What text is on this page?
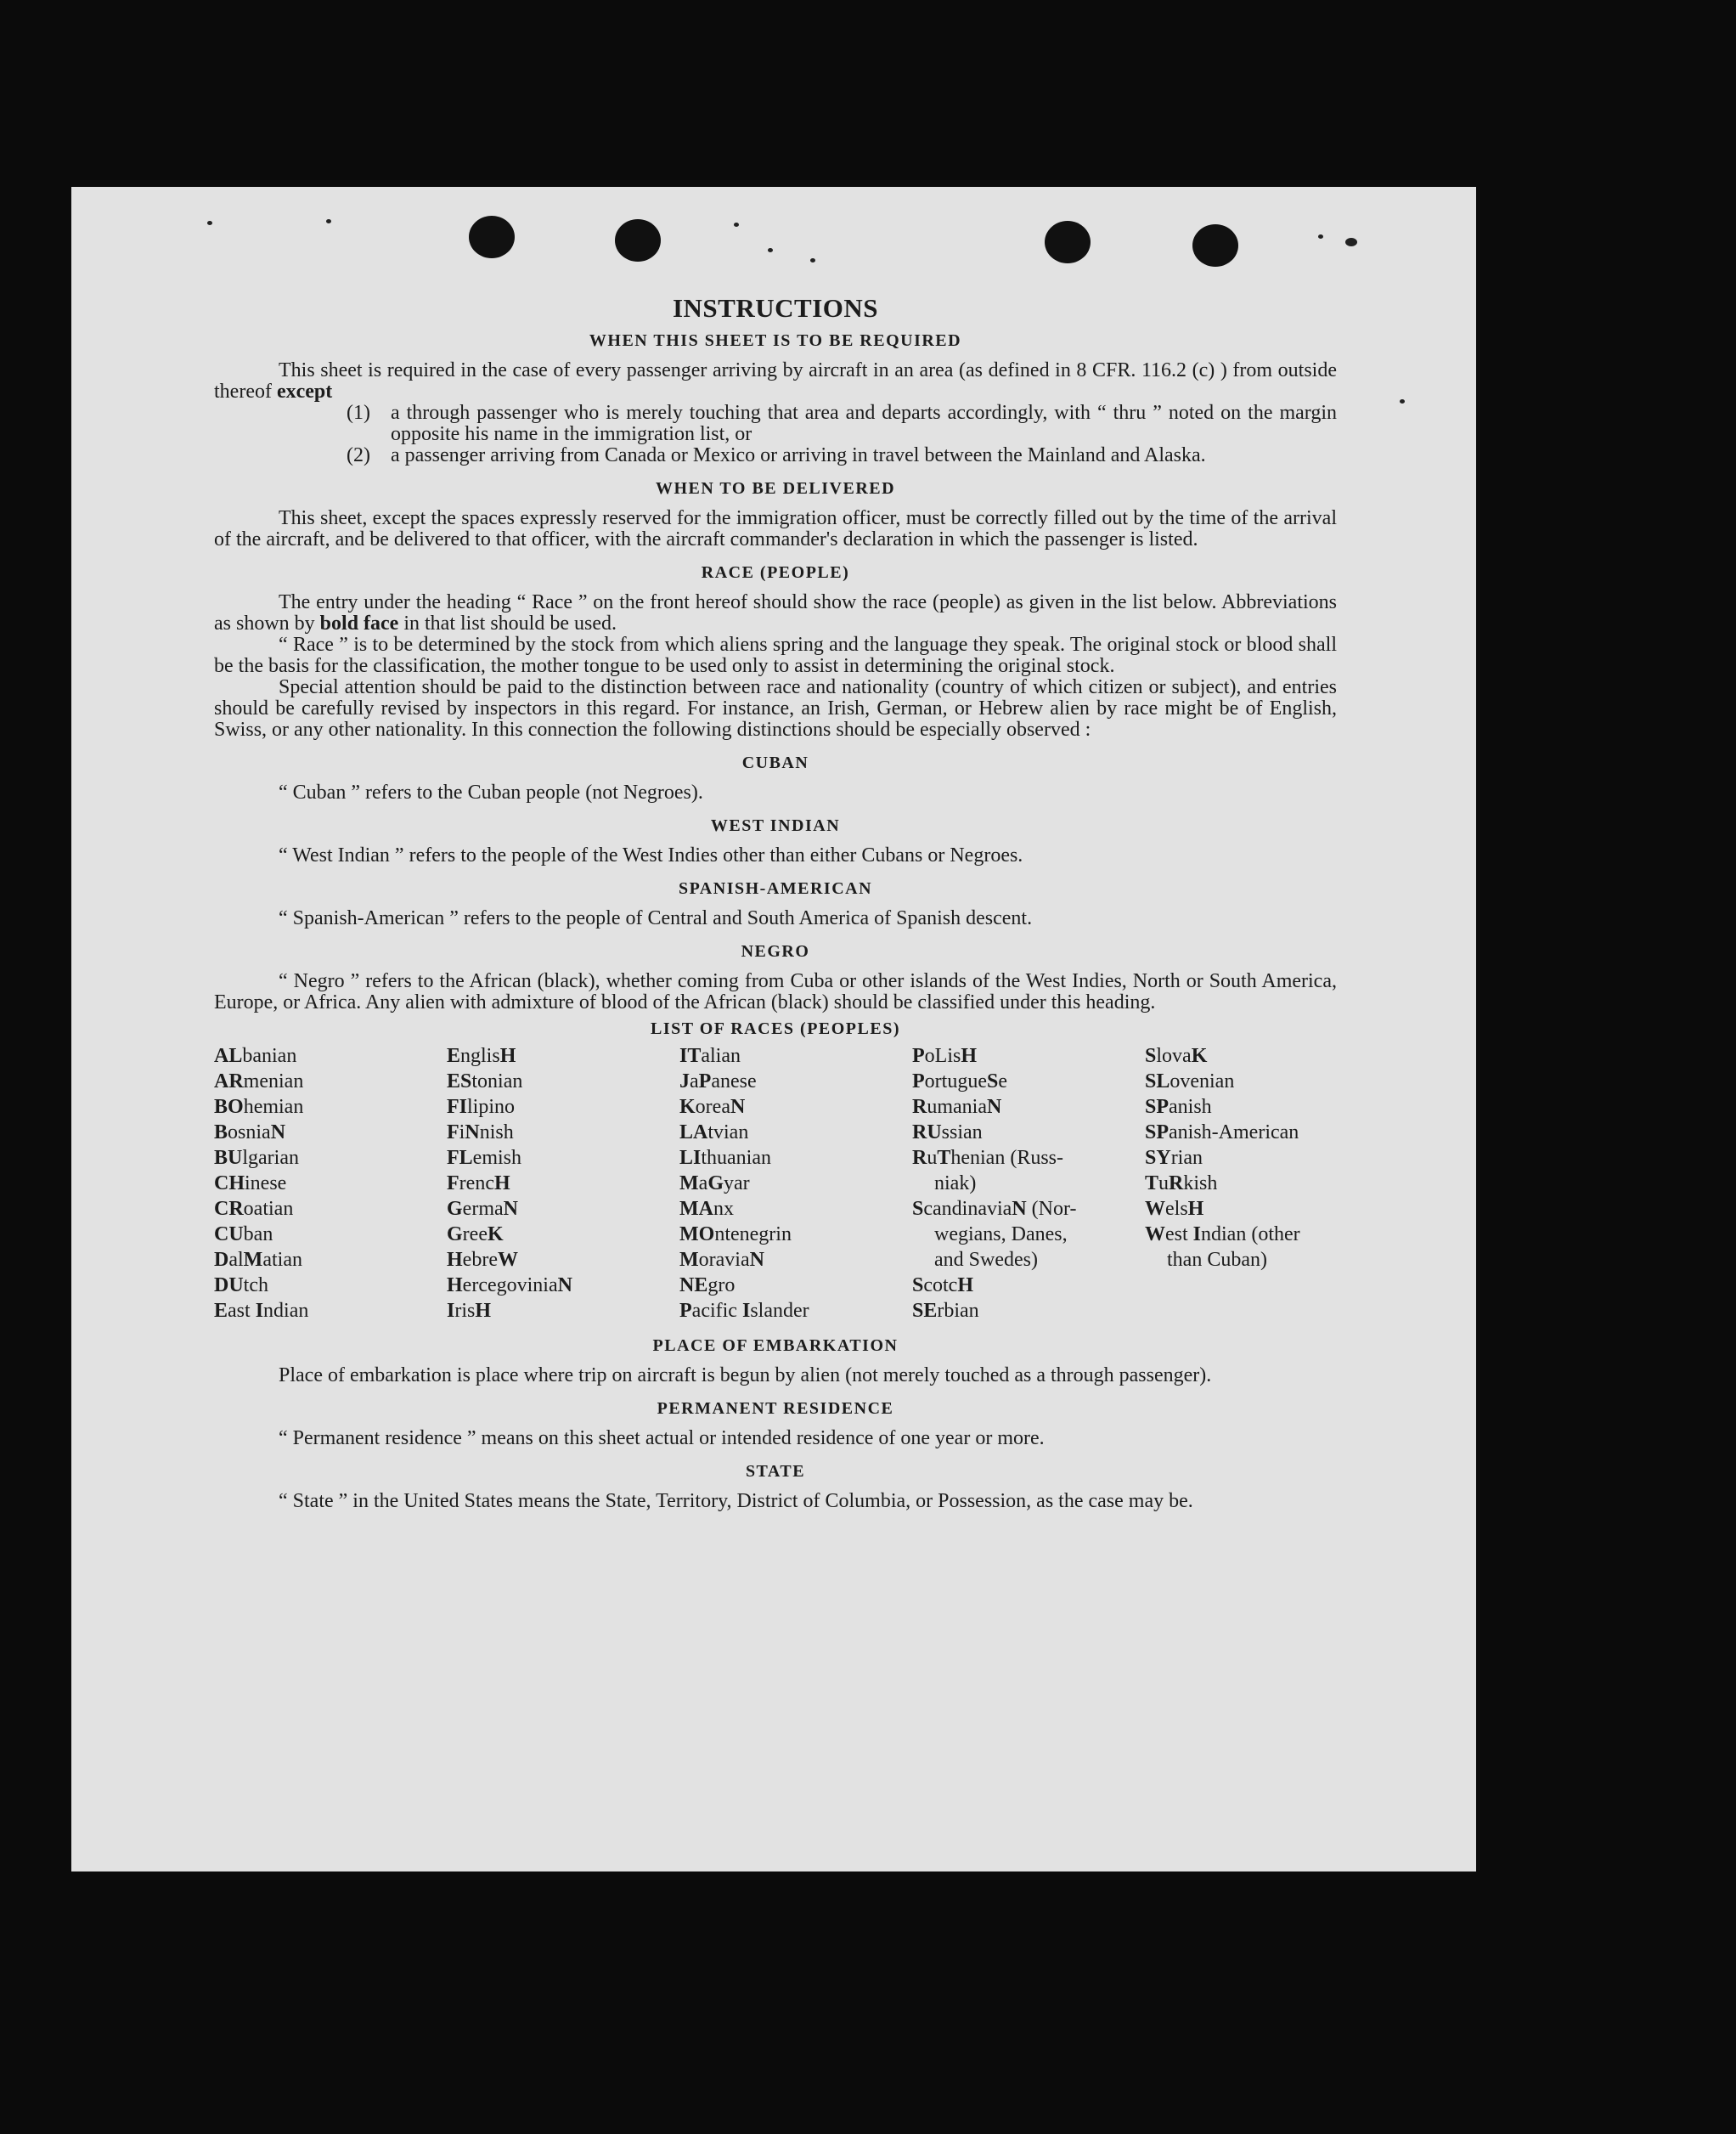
INSTRUCTIONS
WHEN THIS SHEET IS TO BE REQUIRED

This sheet is required in the case of every passenger arriving by aircraft in an area (as defined in 8 CFR. 116.2 (c) ) from outside thereof except

(1)	a through passenger who is merely touching that area and departs accordingly, with “ thru ” noted on the margin opposite his name in the immigration list, or
(2)	a passenger arriving from Canada or Mexico or arriving in travel between the Mainland and Alaska.
WHEN TO BE DELIVERED

This sheet, except the spaces expressly reserved for the immigration officer, must be correctly filled out by the time of the arrival of the aircraft, and be delivered to that officer, with the aircraft commander's declaration in which the passenger is listed.

RACE (PEOPLE)

The entry under the heading “ Race ” on the front hereof should show the race (people) as given in the list below. Abbreviations as shown by bold face in that list should be used.

“ Race ” is to be determined by the stock from which aliens spring and the language they speak. The original stock or blood shall be the basis for the classification, the mother tongue to be used only to assist in determining the original stock.

Special attention should be paid to the distinction between race and nationality (country of which citizen or subject), and entries should be carefully revised by inspectors in this regard. For instance, an Irish, German, or Hebrew alien by race might be of English, Swiss, or any other nationality. In this connection the following distinctions should be especially observed :

CUBAN

“ Cuban ” refers to the Cuban people (not Negroes).

WEST INDIAN

“ West Indian ” refers to the people of the West Indies other than either Cubans or Negroes.

SPANISH-AMERICAN

“ Spanish-American ” refers to the people of Central and South America of Spanish descent.

NEGRO

“ Negro ” refers to the African (black), whether coming from Cuba or other islands of the West Indies, North or South America, Europe, or Africa. Any alien with admixture of blood of the African (black) should be classified under this heading.

LIST OF RACES (PEOPLES)
ALbanian
ARmenian
BOhemian
BosniaN
BUlgarian
CHinese
CRoatian
CUban
DalMatian
DUtch
East Indian
EnglisH
EStonian
FIlipino
FiNnish
FLemish
FrencH
GermaN
GreeK
HebreW
HercegoviniaN
IrisH
ITalian
JaPanese
KoreaN
LAtvian
LIthuanian
MaGyar
MAnx
MOntenegrin
MoraviaN
NEgro
Pacific Islander
PoLisH
PortugueSe
RumaniaN
RUssian
RuThenian (Russ-
niak)
ScandinaviaN (Nor-
wegians, Danes,
and Swedes)
ScotcH
SErbian
SlovaK
SLovenian
SPanish
SPanish-American
SYrian
TuRkish
WelsH
West Indian (other
than Cuban)
PLACE OF EMBARKATION

Place of embarkation is place where trip on aircraft is begun by alien (not merely touched as a through passenger).

PERMANENT RESIDENCE

“ Permanent residence ” means on this sheet actual or intended residence of one year or more.

STATE

“ State ” in the United States means the State, Territory, District of Columbia, or Possession, as the case may be.
